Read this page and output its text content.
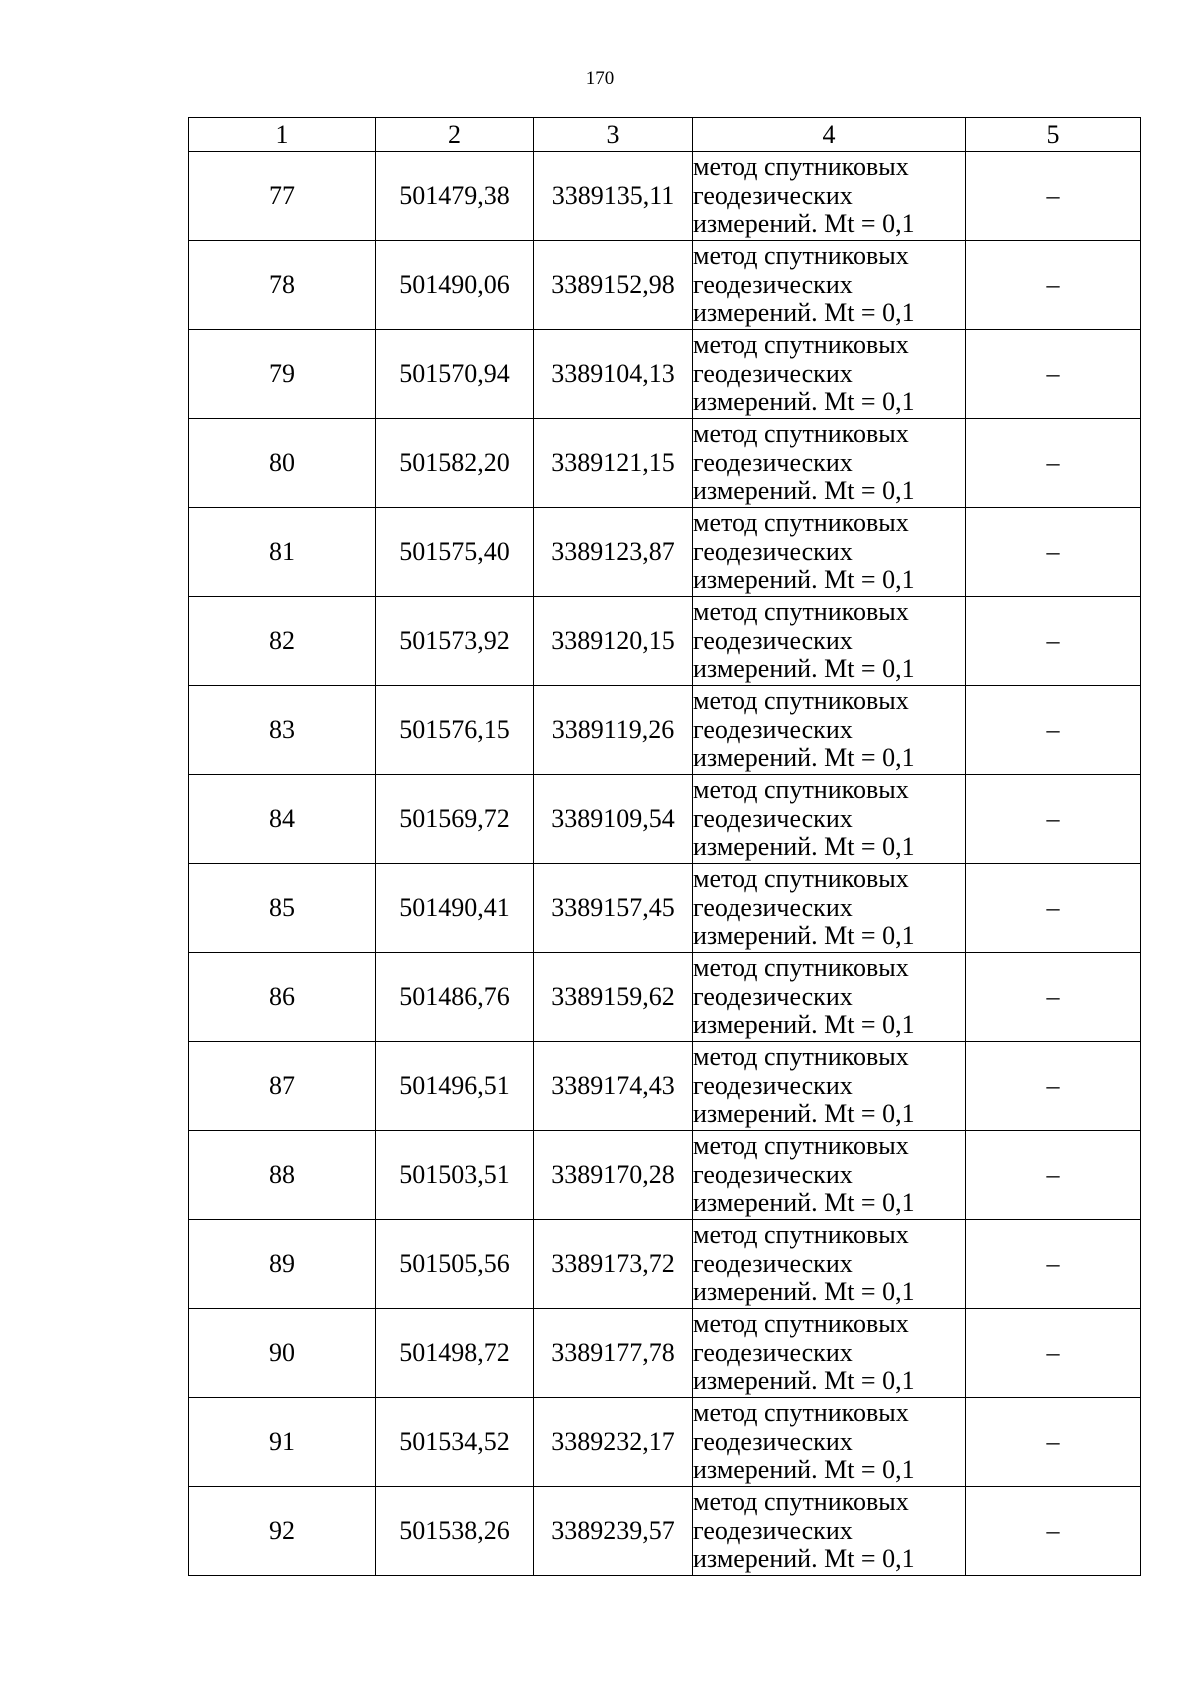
170
1	2	3	4	5
77	501479,38	3389135,11	метод спутниковых
геодезических
измерений. Mt = 0,1	–
78	501490,06	3389152,98	метод спутниковых
геодезических
измерений. Mt = 0,1	–
79	501570,94	3389104,13	метод спутниковых
геодезических
измерений. Mt = 0,1	–
80	501582,20	3389121,15	метод спутниковых
геодезических
измерений. Mt = 0,1	–
81	501575,40	3389123,87	метод спутниковых
геодезических
измерений. Mt = 0,1	–
82	501573,92	3389120,15	метод спутниковых
геодезических
измерений. Mt = 0,1	–
83	501576,15	3389119,26	метод спутниковых
геодезических
измерений. Mt = 0,1	–
84	501569,72	3389109,54	метод спутниковых
геодезических
измерений. Mt = 0,1	–
85	501490,41	3389157,45	метод спутниковых
геодезических
измерений. Mt = 0,1	–
86	501486,76	3389159,62	метод спутниковых
геодезических
измерений. Mt = 0,1	–
87	501496,51	3389174,43	метод спутниковых
геодезических
измерений. Mt = 0,1	–
88	501503,51	3389170,28	метод спутниковых
геодезических
измерений. Mt = 0,1	–
89	501505,56	3389173,72	метод спутниковых
геодезических
измерений. Mt = 0,1	–
90	501498,72	3389177,78	метод спутниковых
геодезических
измерений. Mt = 0,1	–
91	501534,52	3389232,17	метод спутниковых
геодезических
измерений. Mt = 0,1	–
92	501538,26	3389239,57	метод спутниковых
геодезических
измерений. Mt = 0,1	–
